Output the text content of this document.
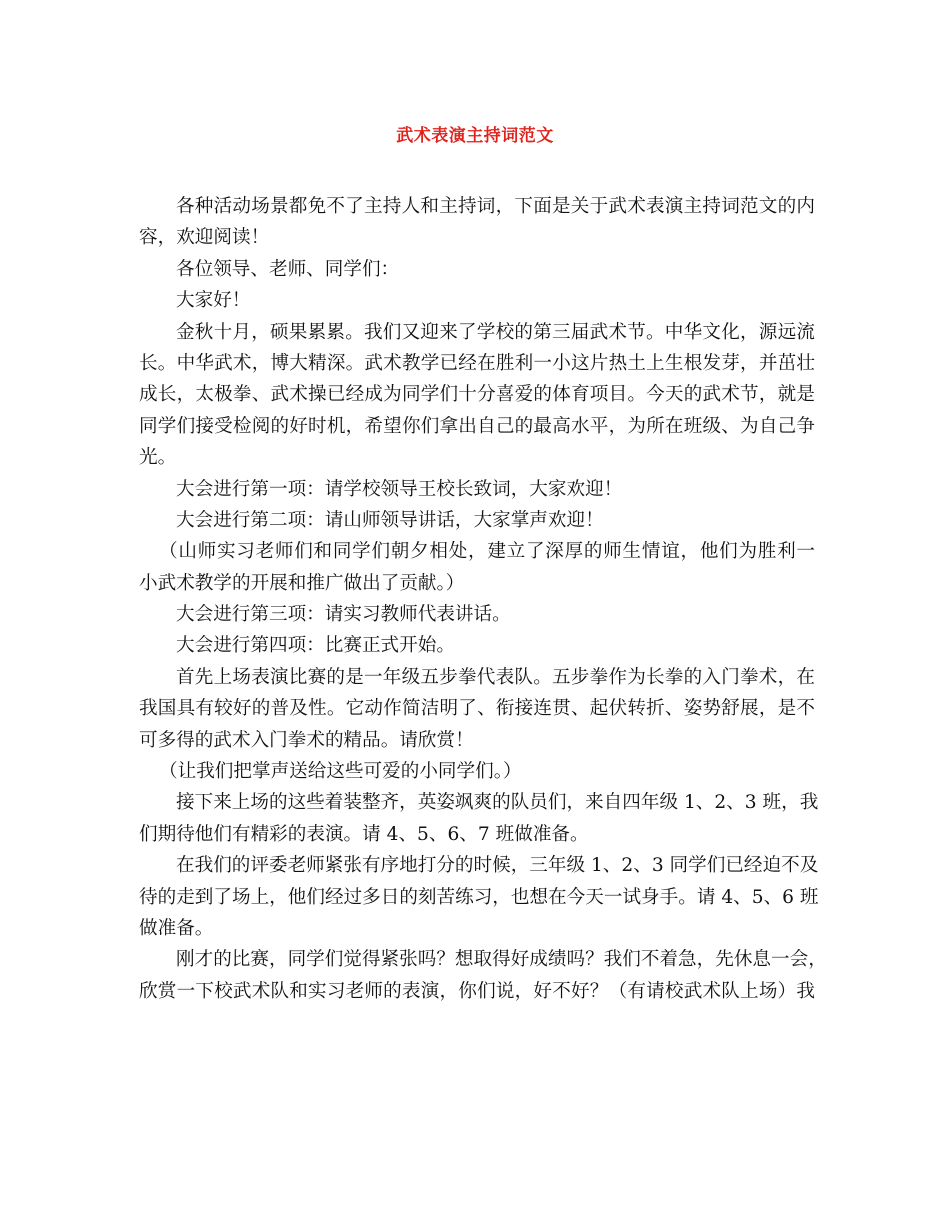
武术表演主持词范文
各种活动场景都免不了主持人和主持词，下面是关于武术表演主持词范文的内
容，欢迎阅读！
各位领导、老师、同学们：
大家好！
金秋十月，硕果累累。我们又迎来了学校的第三届武术节。中华文化，源远流
长。中华武术，博大精深。武术教学已经在胜利一小这片热土上生根发芽，并茁壮
成长，太极拳、武术操已经成为同学们十分喜爱的体育项目。今天的武术节，就是
同学们接受检阅的好时机，希望你们拿出自己的最高水平，为所在班级、为自己争
光。
大会进行第一项：请学校领导王校长致词，大家欢迎！
大会进行第二项：请山师领导讲话，大家掌声欢迎！
（山师实习老师们和同学们朝夕相处，建立了深厚的师生情谊，他们为胜利一
小武术教学的开展和推广做出了贡献。）
大会进行第三项：请实习教师代表讲话。
大会进行第四项：比赛正式开始。
首先上场表演比赛的是一年级五步拳代表队。五步拳作为长拳的入门拳术，在
我国具有较好的普及性。它动作简洁明了、衔接连贯、起伏转折、姿势舒展，是不
可多得的武术入门拳术的精品。请欣赏！
（让我们把掌声送给这些可爱的小同学们。）
接下来上场的这些着装整齐，英姿飒爽的队员们，来自四年级 1、2、3 班，我
们期待他们有精彩的表演。请 4、5、6、7 班做准备。
在我们的评委老师紧张有序地打分的时候，三年级 1、2、3 同学们已经迫不及
待的走到了场上，他们经过多日的刻苦练习，也想在今天一试身手。请 4、5、6 班
做准备。
刚才的比赛，同学们觉得紧张吗？想取得好成绩吗？我们不着急，先休息一会，
欣赏一下校武术队和实习老师的表演，你们说，好不好？（有请校武术队上场）我
